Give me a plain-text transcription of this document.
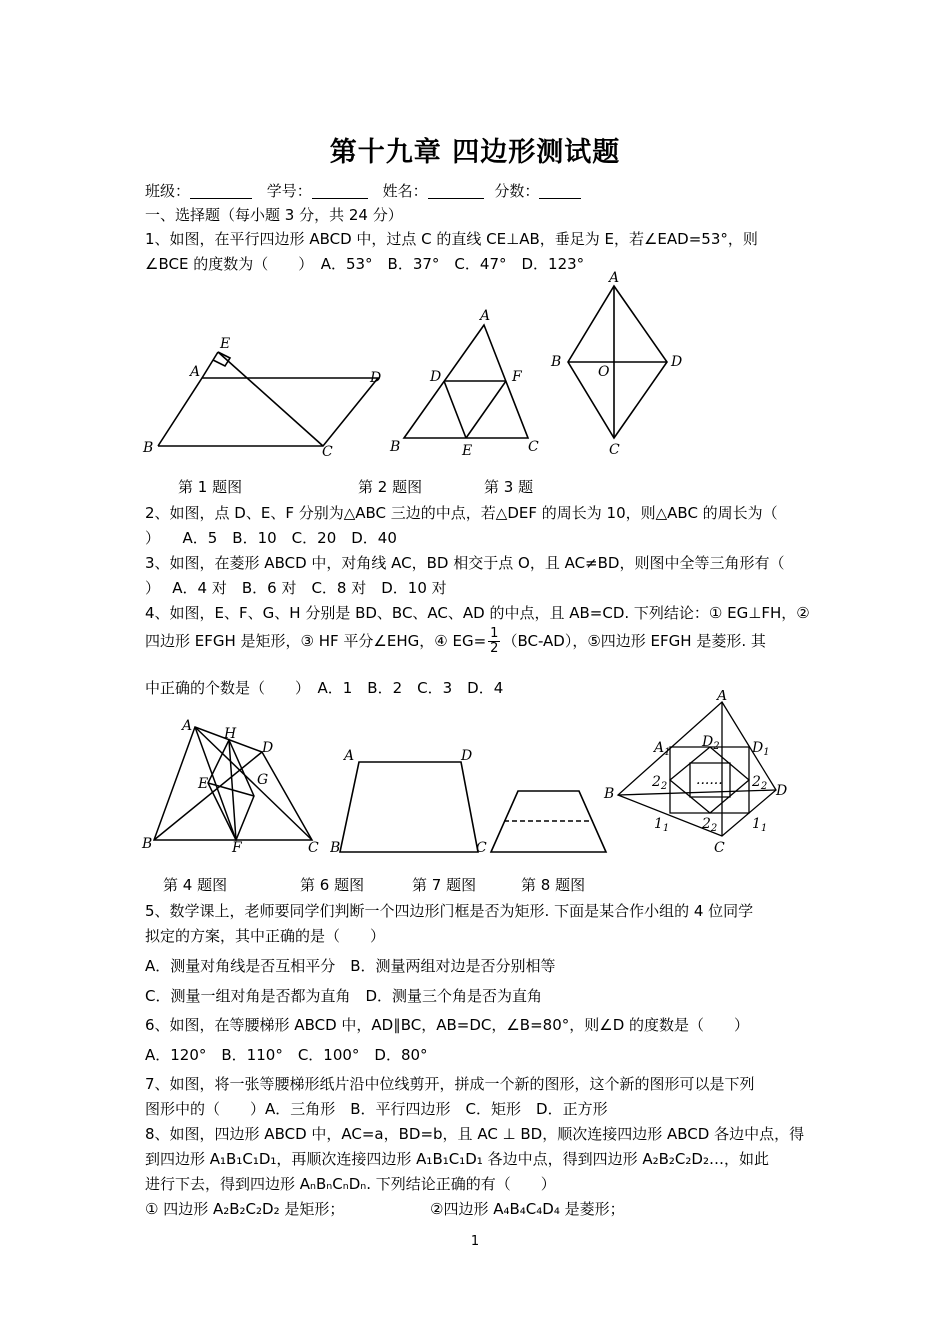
第十九章 四边形测试题
班级：	学号：	姓名：	分数：
一、选择题（每小题 3 分，共 24 分）
1、如图，在平行四边形 ABCD 中，过点 C 的直线 CE⊥AB，垂足为 E，若∠EAD=53°，则
∠BCE 的度数为（　　）　A．53°　B．37°　C．47°　D．123°
A
B	C
D
E
A
B	C
D
E
F
A
B
C
D
O
第 1 题图	第 2 题图	第 3 题
2、如图，点 D、E、F 分别为△ABC 三边的中点，若△DEF 的周长为 10，则△ABC 的周长为（
）　　A．5　B．10　C．20　D．40
3、如图，在菱形 ABCD 中，对角线 AC，BD 相交于点 O，且 AC≠BD，则图中全等三角形有（
）　 A．4 对　B．6 对　C．8 对　D．10 对
4、如图，E、F、G、H 分别是 BD、BC、AC、AD 的中点，且 AB=CD. 下列结论：① EG⊥FH，②
四边形 EFGH 是矩形，③ HF 平分∠EHG，④ $EG= \frac{1}{2} (BC-AD)$，⑤四边形 EFGH 是菱形. 其
中正确的个数是（　　）　A．1　B．2　C．3　D．4
A
B	C
D
E
F
G
H
A
B	C
D
A
B
C
D
$A_1$
$D_2$ $D_1$
$2_2$	$2_2$
$1_1$ $2_2$ $1_1$
......
第 4 题图	第 6 题图	第 7 题图	第 8 题图
5、数学课上，老师要同学们判断一个四边形门框是否为矩形. 下面是某合作小组的 4 位同学
拟定的方案，其中正确的是（　　）
A．测量对角线是否互相平分　B．测量两组对边是否分别相等
C．测量一组对角是否都为直角　D．测量三个角是否为直角
6、如图，在等腰梯形 ABCD 中，AD∥BC，AB=DC，∠B=80°，则∠D 的度数是（　　）
A．120°　B．110°　C．100°　D．80°
7、如图，将一张等腰梯形纸片沿中位线剪开，拼成一个新的图形，这个新的图形可以是下列
图形中的（　　）A．三角形　B．平行四边形　C．矩形　D．正方形
8、如图，四边形 ABCD 中，AC=a，BD=b，且 AC ⊥ BD，顺次连接四边形 ABCD 各边中点，得
到四边形 A₁B₁C₁D₁，再顺次连接四边形 A₁B₁C₁D₁ 各边中点，得到四边形 A₂B₂C₂D₂…，如此
进行下去，得到四边形 AₙBₙCₙDₙ. 下列结论正确的有（　　）
① 四边形 A₂B₂C₂D₂ 是矩形；	②四边形 A₄B₄C₄D₄ 是菱形；
1
